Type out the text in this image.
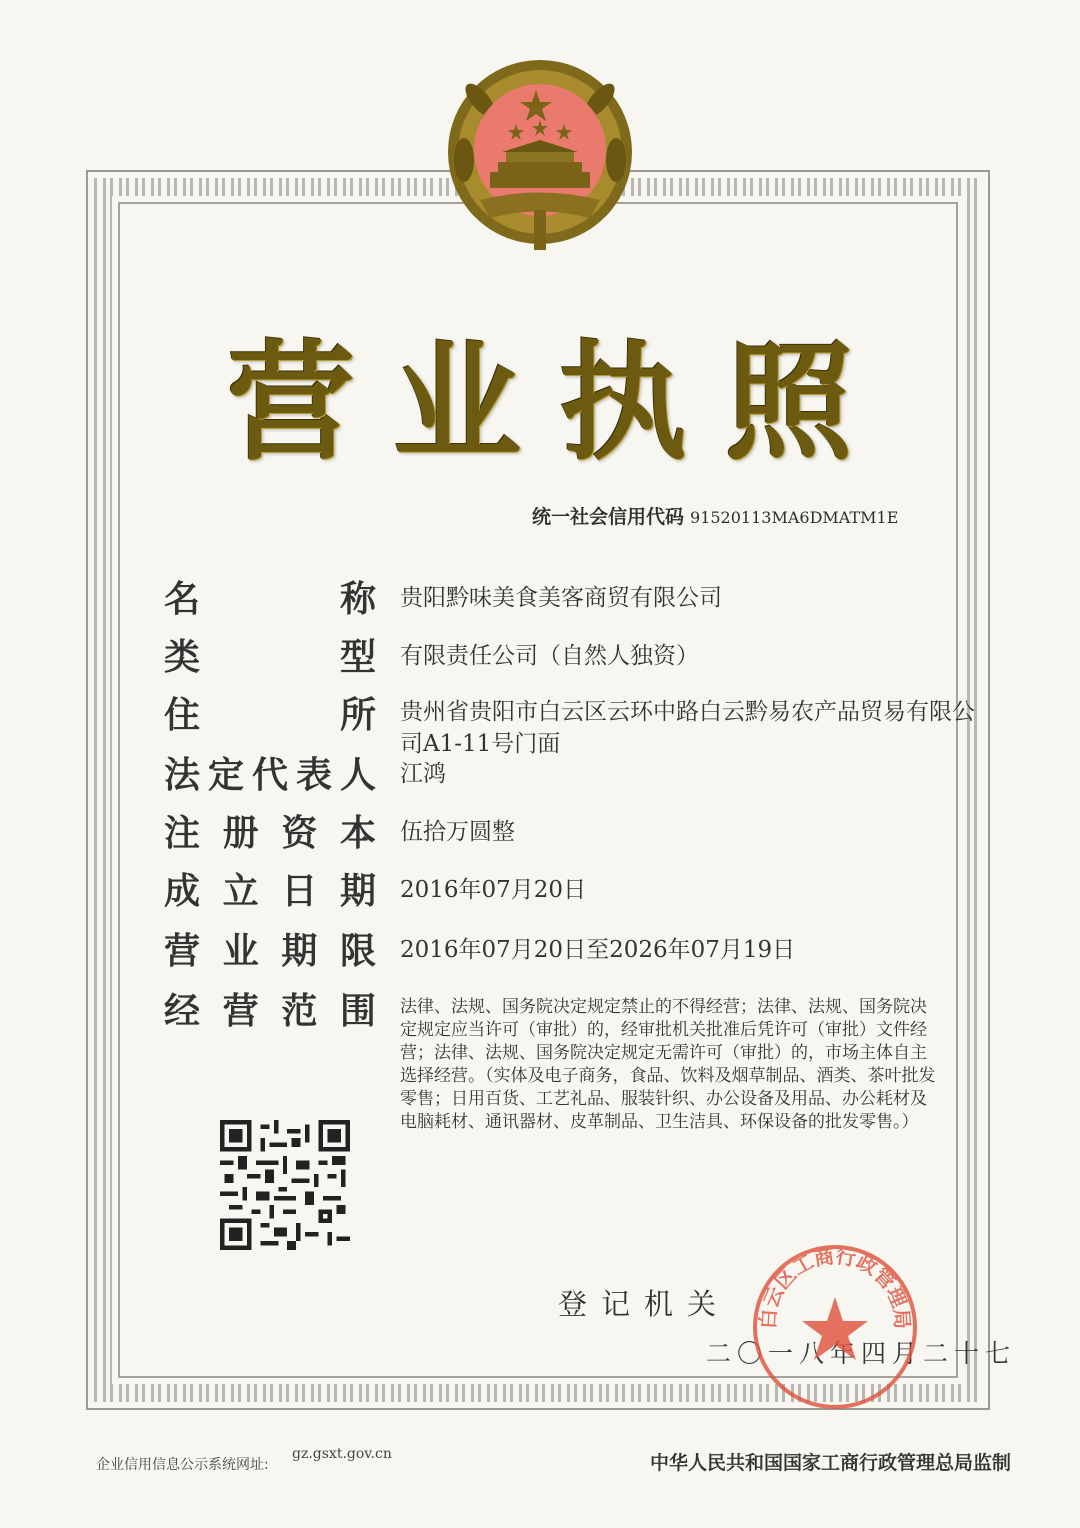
营业执照
统一社会信用代码 91520113MA6DMATM1E
名	称 贵阳黔味美食美客商贸有限公司
类	型 有限责任公司（自然人独资）
住	所 贵州省贵阳市白云区云环中路白云黔易农产品贸易有限公司A1-11号门面
法 定 代 表 人 江鸿
注 册 资 本 伍拾万圆整
成 立 日 期 2016年07月20日
营 业 期 限 2016年07月20日至2026年07月19日
经 营 范 围 法律、法规、国务院决定规定禁止的不得经营；法律、法规、国务院决定规定应当许可（审批）的，经审批机关批准后凭许可（审批）文件经营；法律、法规、国务院决定规定无需许可（审批）的，市场主体自主选择经营。（实体及电子商务，食品、饮料及烟草制品、酒类、茶叶批发零售；日用百货、工艺礼品、服装针织、办公设备及用品、办公耗材及电脑耗材、通讯器材、皮革制品、卫生洁具、环保设备的批发零售。）
登记机关
二〇一八年四月二十七
白云区工商行政管理局
企业信用信息公示系统网址:
gz.gsxt.gov.cn	中华人民共和国国家工商行政管理总局监制
